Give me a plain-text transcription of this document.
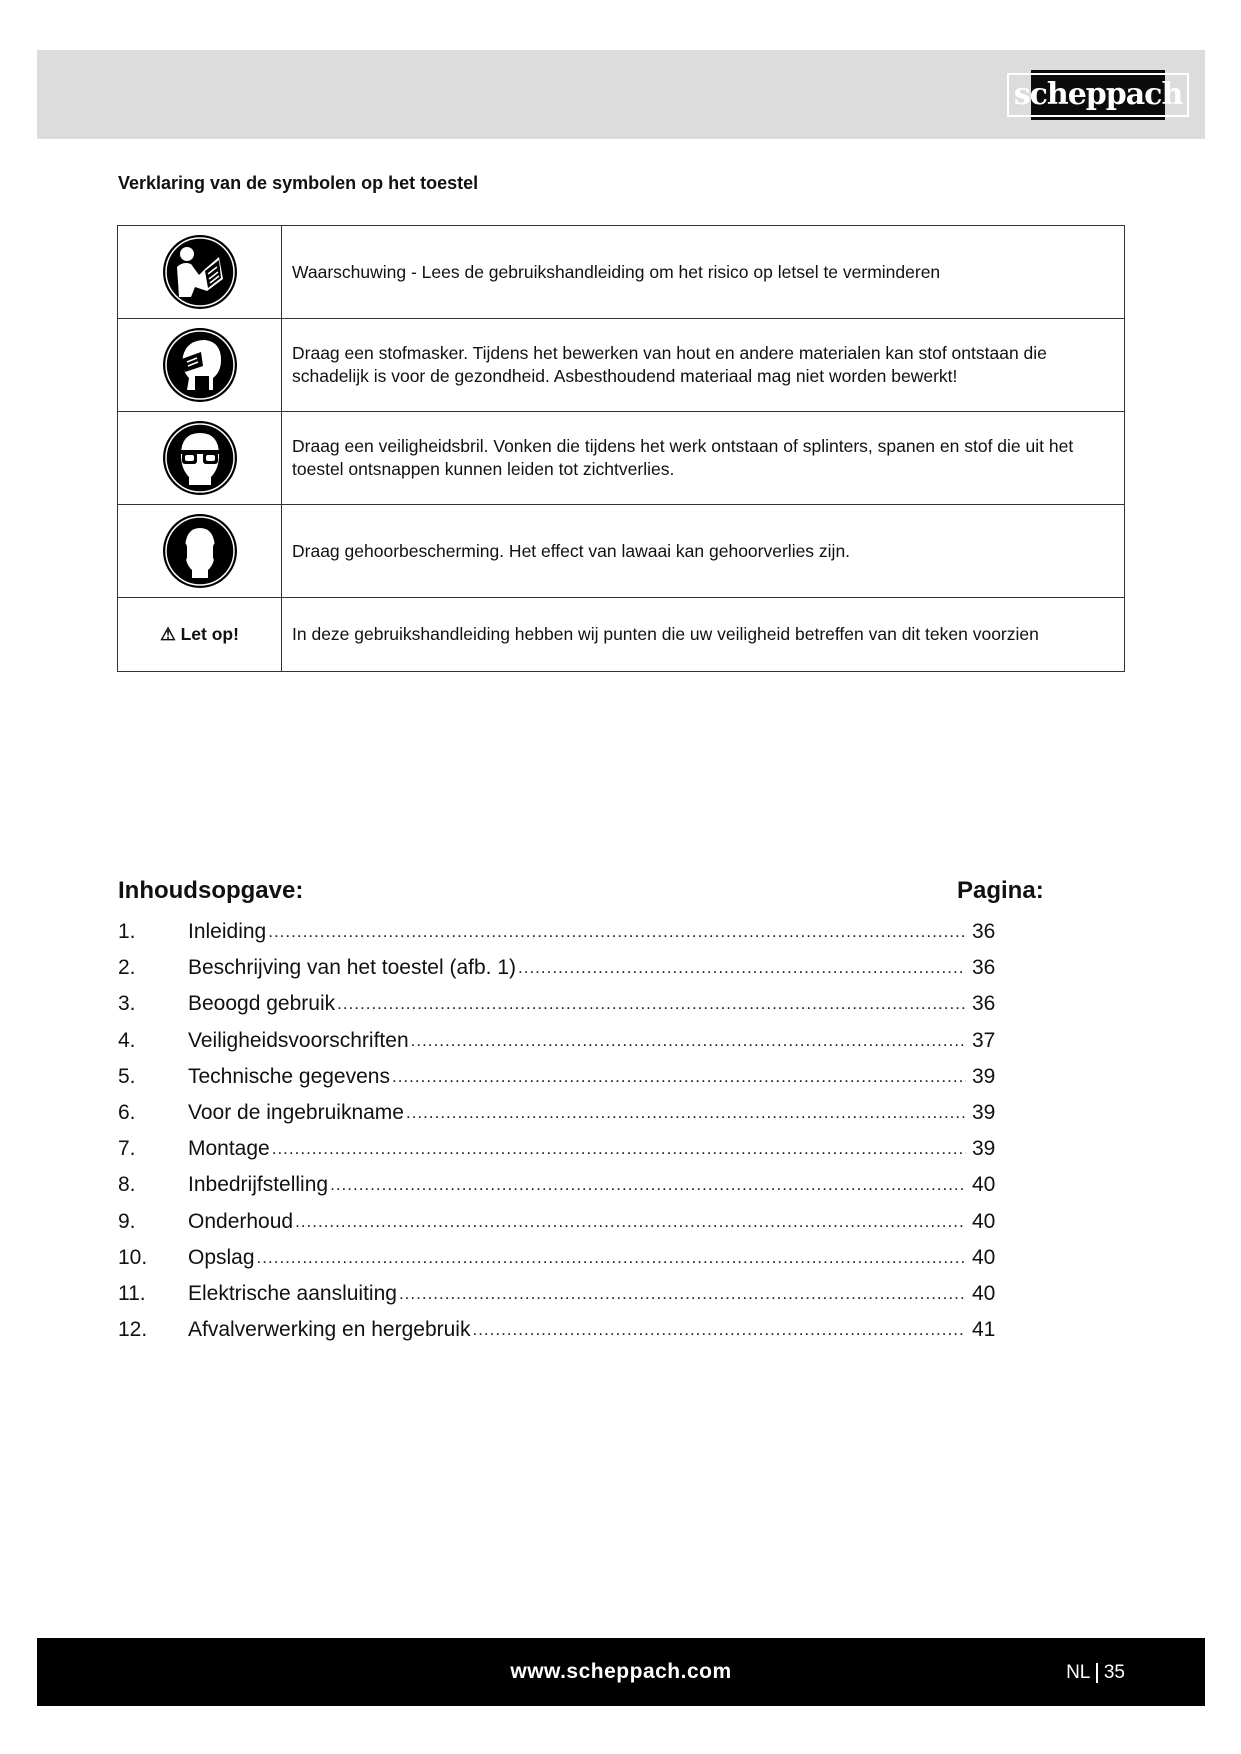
scheppach
Verklaring van de symbolen op het toestel
	Waarschuwing - Lees de gebruikshandleiding om het risico op letsel te verminderen

	Draag een stofmasker. Tijdens het bewerken van hout en andere materialen kan stof ontstaan die schadelijk is voor de gezondheid. Asbesthoudend materiaal mag niet worden bewerkt!

	Draag een veiligheidsbril. Vonken die tijdens het werk ontstaan of splinters, spanen en stof die uit het toestel ontsnappen kunnen leiden tot zichtverlies.

	Draag gehoorbescherming. Het effect van lawaai kan gehoorverlies zijn.
⚠ Let op!	In deze gebruikshandleiding hebben wij punten die uw veiligheid betreffen van dit teken voorzien
Inhoudsopgave:	Pagina:
1.	Inleiding .....	36
2.	Beschrijving van het toestel (afb. 1) .....	36
3.	Beoogd gebruik .....	36
4.	Veiligheidsvoorschriften .....	37
5.	Technische gegevens .....	39
6.	Voor de ingebruikname .....	39
7.	Montage .....	39
8.	Inbedrijfstelling .....	40
9.	Onderhoud .....	40
10.	Opslag .....	40
11.	Elektrische aansluiting .....	40
12.	Afvalverwerking en hergebruik .....	41
www.scheppach.com	NL 35
